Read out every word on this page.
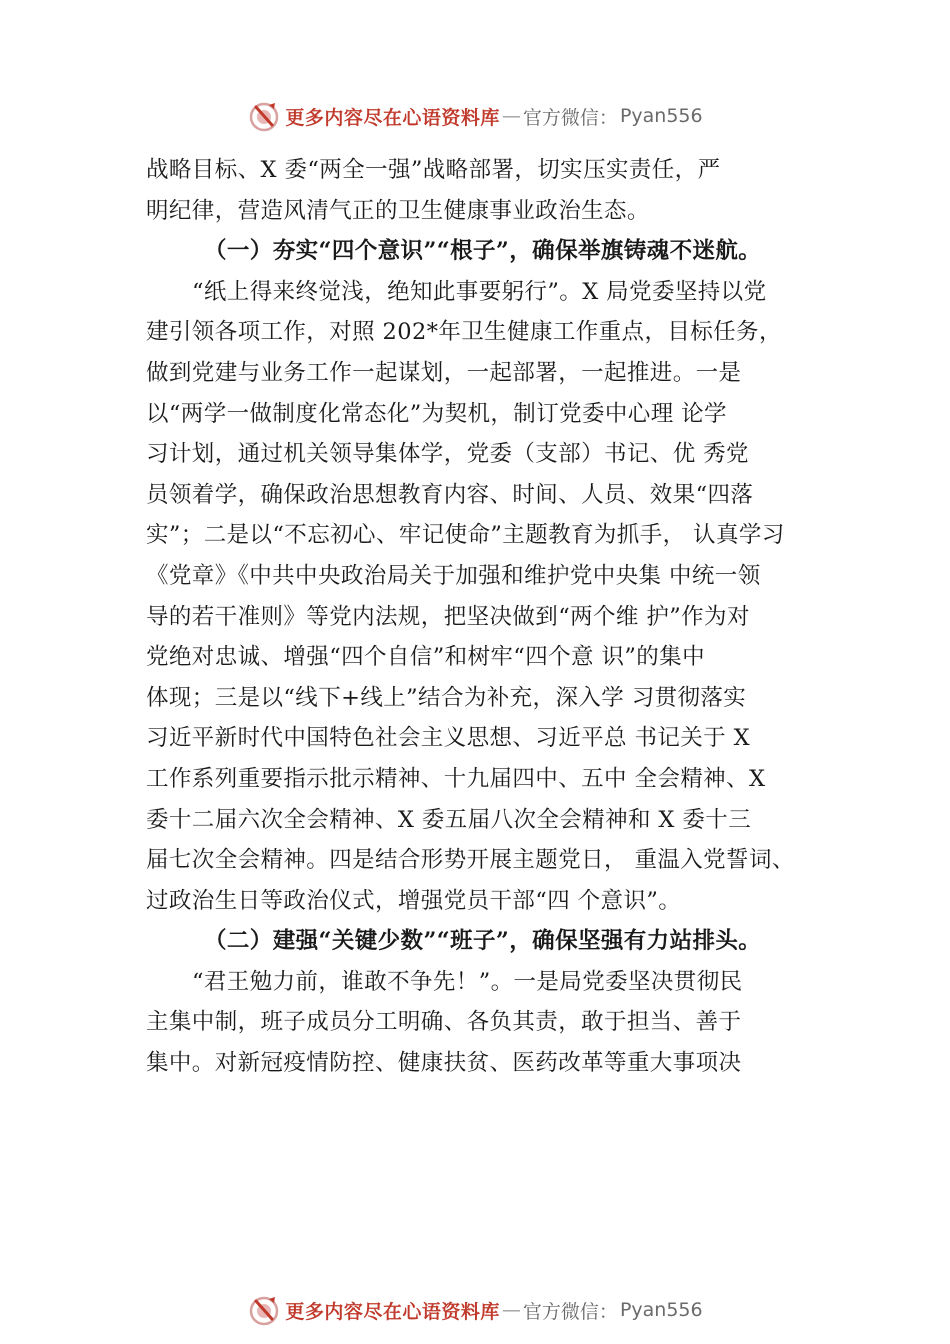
更多内容尽在心语资料库 — 官方微信： Pyan556
战略目标、X 委“两全一强”战略部署，切实压实责任，严
明纪律，营造风清气正的卫生健康事业政治生态。
（一）夯实“四个意识”“根子”，确保举旗铸魂不迷航。
“纸上得来终觉浅，绝知此事要躬行”。X 局党委坚持以党
建引领各项工作，对照 202*年卫生健康工作重点，目标任务，
做到党建与业务工作一起谋划，一起部署，一起推进。一是
以“两学一做制度化常态化”为契机，制订党委中心理 论学
习计划，通过机关领导集体学，党委（支部）书记、优 秀党
员领着学，确保政治思想教育内容、时间、人员、效果“四落
实”；二是以“不忘初心、牢记使命”主题教育为抓手， 认真学习
《党章》《中共中央政治局关于加强和维护党中央集 中统一领
导的若干准则》等党内法规，把坚决做到“两个维 护”作为对
党绝对忠诚、增强“四个自信”和树牢“四个意 识”的集中
体现；三是以“线下+线上”结合为补充，深入学 习贯彻落实
习近平新时代中国特色社会主义思想、习近平总 书记关于 X
工作系列重要指示批示精神、十九届四中、五中 全会精神、X
委十二届六次全会精神、X 委五届八次全会精神和 X 委十三
届七次全会精神。四是结合形势开展主题党日， 重温入党誓词、
过政治生日等政治仪式，增强党员干部“四 个意识”。
（二）建强“关键少数”“班子”，确保坚强有力站排头。
“君王勉力前，谁敢不争先！”。一是局党委坚决贯彻民
主集中制，班子成员分工明确、各负其责，敢于担当、善于
集中。对新冠疫情防控、健康扶贫、医药改革等重大事项决
更多内容尽在心语资料库 — 官方微信： Pyan556
